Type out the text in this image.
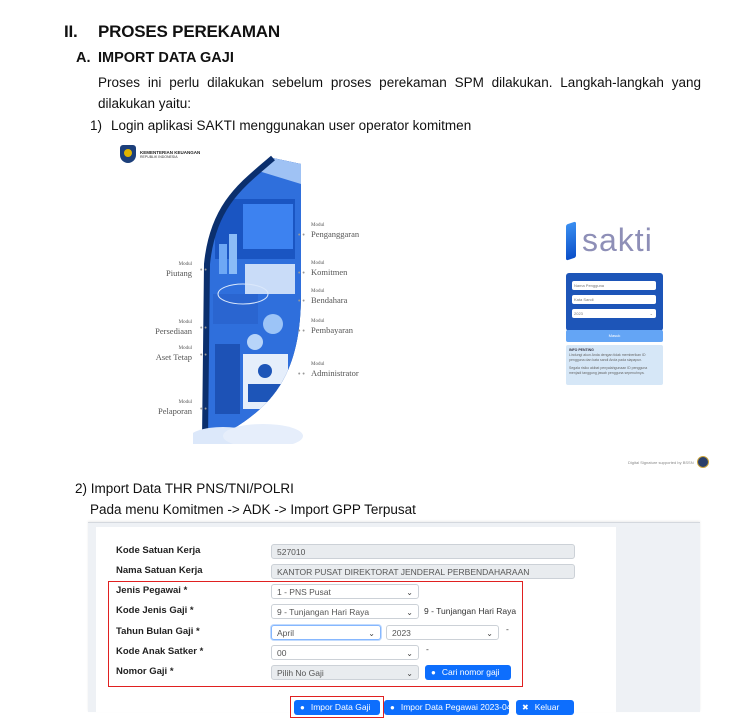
II. PROSES PEREKAMAN
A. IMPORT DATA GAJI
Proses ini perlu dilakukan sebelum proses perekaman SPM dilakukan. Langkah-langkah yang dilakukan yaitu:
1) Login aplikasi SAKTI menggunakan user operator komitmen
KEMENTERIAN KEUANGAN
REPUBLIK INDONESIA
Modul
Piutang • •
Modul
Persediaan • •
Modul
Aset Tetap • •
Modul
Pelaporan • •
• •
Modul
Penganggaran
• •
Modul
Komitmen
• •
Modul
Bendahara
• •
Modul
Pembayaran
• •
Modul
Administrator
sakti
Nama Pengguna
Kata Sandi
2023	⌄
Masuk
INFO PENTING
Lindungi akun Anda dengan tidak memberikan ID pengguna dan kata sandi Anda pada siapapun.
Segala risiko akibat penyalahgunaan ID pengguna menjadi tanggung jawab pengguna sepenuhnya.
Digital Signature supported by BSSN
2) Import Data THR PNS/TNI/POLRI
Pada menu Komitmen -> ADK -> Import GPP Terpusat
Kode Satuan Kerja	527010
Nama Satuan Kerja	KANTOR PUSAT DIREKTORAT JENDERAL PERBENDAHARAAN
Jenis Pegawai *	1 - PNS Pusat	⌄
Kode Jenis Gaji *	9 - Tunjangan Hari Raya	⌄ 9 - Tunjangan Hari Raya
Tahun Bulan Gaji *	April	⌄	2023	⌄ -
Kode Anak Satker *	00	⌄ -
Nomor Gaji *	Pilih No Gaji	⌄	● Cari nomor gaji
● Impor Data Gaji	● Impor Data Pegawai 2023-04	✖ Keluar
